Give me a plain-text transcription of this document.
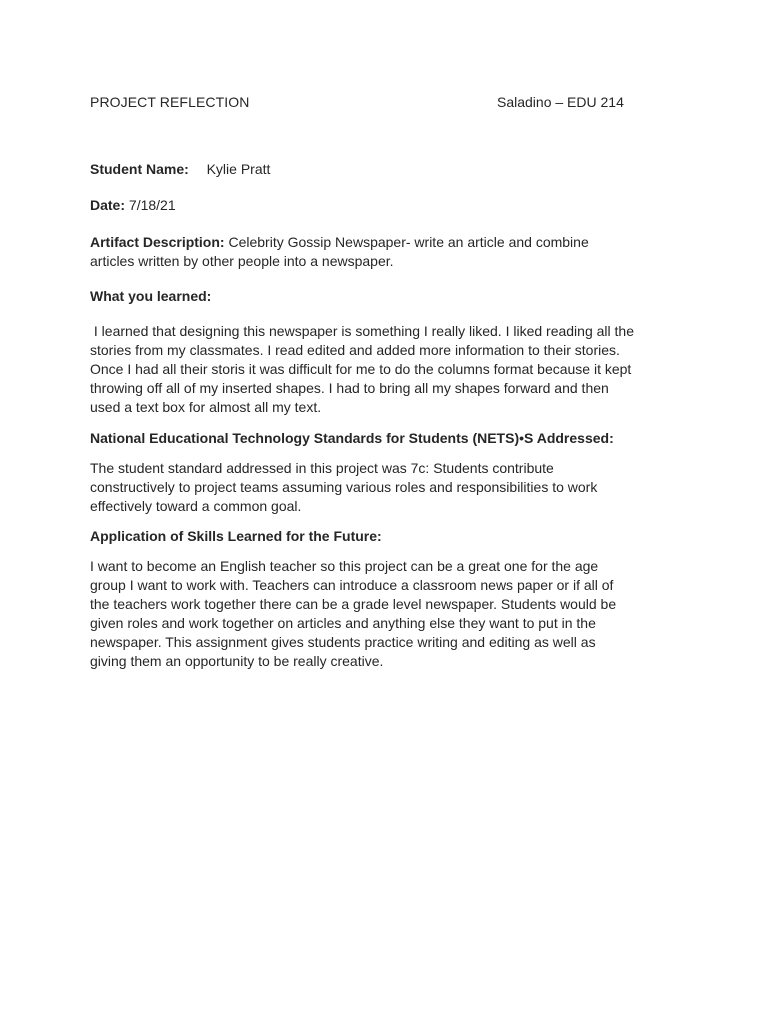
PROJECT REFLECTION	Saladino – EDU 214
Student Name: Kylie Pratt
Date: 7/18/21
Artifact Description: Celebrity Gossip Newspaper- write an article and combine
articles written by other people into a newspaper.
What you learned:
I learned that designing this newspaper is something I really liked. I liked reading all the
stories from my classmates. I read edited and added more information to their stories.
Once I had all their storis it was difficult for me to do the columns format because it kept
throwing off all of my inserted shapes. I had to bring all my shapes forward and then
used a text box for almost all my text.
National Educational Technology Standards for Students (NETS)•S Addressed:
The student standard addressed in this project was 7c: Students contribute
constructively to project teams assuming various roles and responsibilities to work
effectively toward a common goal.
Application of Skills Learned for the Future:
I want to become an English teacher so this project can be a great one for the age
group I want to work with. Teachers can introduce a classroom news paper or if all of
the teachers work together there can be a grade level newspaper. Students would be
given roles and work together on articles and anything else they want to put in the
newspaper. This assignment gives students practice writing and editing as well as
giving them an opportunity to be really creative.
